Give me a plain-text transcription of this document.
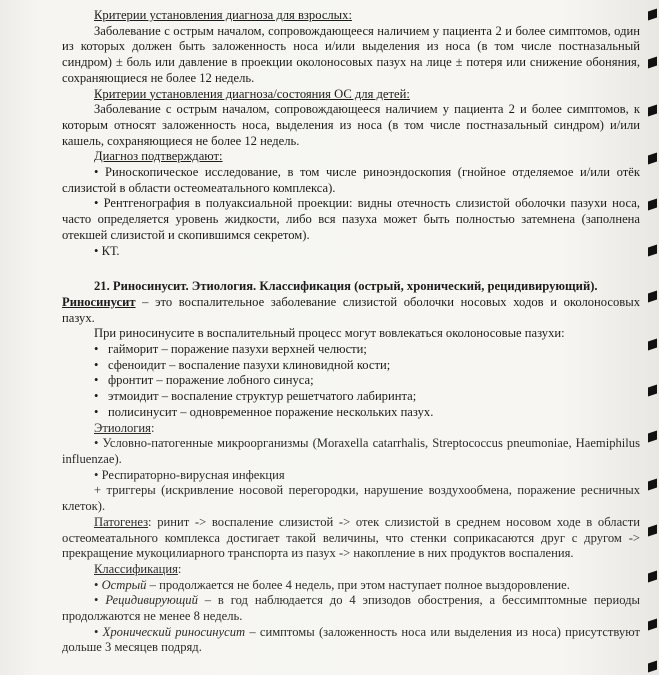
Критерии установления диагноза для взрослых:

Заболевание с острым началом, сопровождающееся наличием у пациента 2 и более симптомов, один из которых должен быть заложенность носа и/или выделения из носа (в том числе постназальный синдром) ± боль или давление в проекции околоносовых пазух на лице ± потеря или снижение обоняния, сохраняющиеся не более 12 недель.

Критерии установления диагноза/состояния ОС для детей:

Заболевание с острым началом, сопровождающееся наличием у пациента 2 и более симптомов, к которым относят заложенность носа, выделения из носа (в том числе постназальный синдром) и/или кашель, сохраняющиеся не более 12 недель.

Диагноз подтверждают:

• Риноскопическое исследование, в том числе риноэндоскопия (гнойное отделяемое и/или отёк слизистой в области остеомеатального комплекса).

• Рентгенография в полуаксиальной проекции: видны отечность слизистой оболочки пазухи носа, часто определяется уровень жидкости, либо вся пазуха может быть полностью затемнена (заполнена отекшей слизистой и скопившимся секретом).

• КТ.

21. Риносинусит. Этиология. Классификация (острый, хронический, рецидивирующий).

Риносинусит – это воспалительное заболевание слизистой оболочки носовых ходов и околоносовых пазух.

При риносинусите в воспалительный процесс могут вовлекаться околоносовые пазухи:

• гайморит – поражение пазухи верхней челюсти;

• сфеноидит – воспаление пазухи клиновидной кости;

• фронтит – поражение лобного синуса;

• этмоидит – воспаление структур решетчатого лабиринта;

• полисинусит – одновременное поражение нескольких пазух.

Этиология:

• Условно-патогенные микроорганизмы (Moraxella catarrhalis, Streptococcus pneumoniae, Haemiphilus influenzae).

• Респираторно-вирусная инфекция

+ триггеры (искривление носовой перегородки, нарушение воздухообмена, поражение ресничных клеток).

Патогенез: ринит -> воспаление слизистой -> отек слизистой в среднем носовом ходе в области остеомеатального комплекса достигает такой величины, что стенки соприкасаются друг с другом -> прекращение мукоцилиарного транспорта из пазух -> накопление в них продуктов воспаления.

Классификация:

• Острый – продолжается не более 4 недель, при этом наступает полное выздоровление.

• Рецидивирующий – в год наблюдается до 4 эпизодов обострения, а бессимптомные периоды продолжаются не менее 8 недель.

• Хронический риносинусит – симптомы (заложенность носа или выделения из носа) присутствуют дольше 3 месяцев подряд.
